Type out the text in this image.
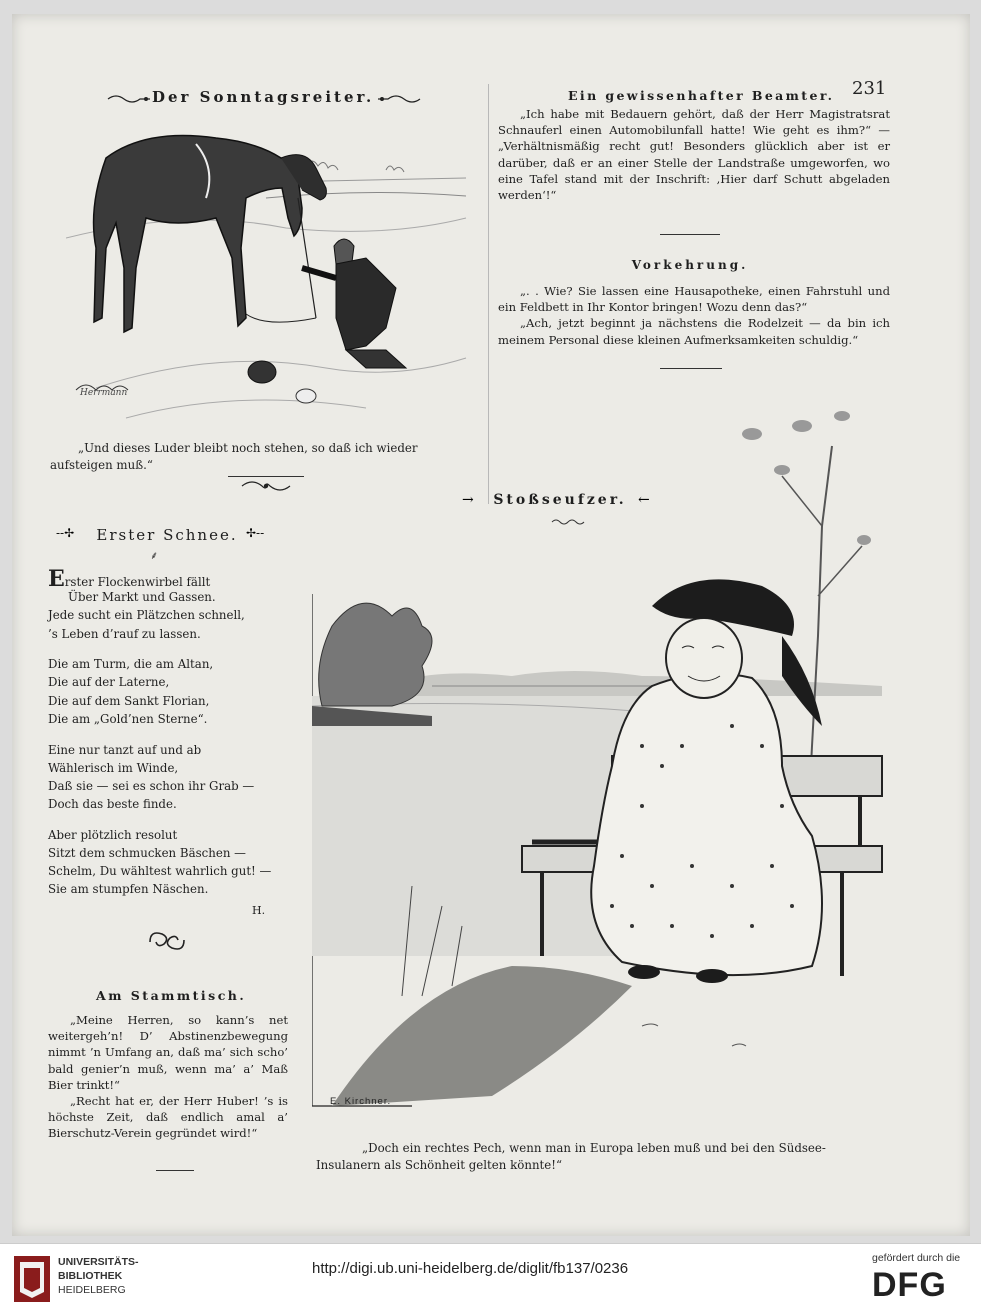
Der Sonntagsreiter.
Herrmann
„Und dieses Luder bleibt noch stehen, so daß ich wieder
aufsteigen muß.“
Ein gewissenhafter Beamter. 231

„Ich habe mit Bedauern gehört, daß der Herr Magistratsrat Schnauferl einen Automobilunfall hatte! Wie geht es ihm?“ — „Verhältnismäßig recht gut! Besonders glücklich aber ist er darüber, daß er an einer Stelle der Landstraße umgeworfen, wo eine Tafel stand mit der Inschrift: ‚Hier darf Schutt abgeladen werden‘!“

Vorkehrung.

„. . Wie? Sie lassen eine Hausapotheke, einen Fahrstuhl und ein Feldbett in Ihr Kontor bringen! Wozu denn das?“

„Ach, jetzt beginnt ja nächstens die Rodelzeit — da bin ich meinem Personal diese kleinen Aufmerksamkeiten schuldig.“

→ Stoßseufzer. ←
--✢ Erster Schnee. ✢--
⸙
Erster Flockenwirbel fällt
Über Markt und Gassen.
Jede sucht ein Plätzchen schnell,
’s Leben d’rauf zu lassen.
Die am Turm, die am Altan,
Die auf der Laterne,
Die auf dem Sankt Florian,
Die am „Gold’nen Sterne“.
Eine nur tanzt auf und ab
Wählerisch im Winde,
Daß sie — sei es schon ihr Grab —
Doch das beste finde.
Aber plötzlich resolut
Sitzt dem schmucken Bäschen —
Schelm, Du wähltest wahrlich gut! —
Sie am stumpfen Näschen.
H.
Am Stammtisch.

„Meine Herren, so kann’s net weitergeh’n! D’ Abstinenzbewegung nimmt ’n Umfang an, daß ma’ sich scho’ bald genier’n muß, wenn ma’ a’ Maß Bier trinkt!“

„Recht hat er, der Herr Huber! ’s is höchste Zeit, daß endlich amal a’ Bierschutz-Verein gegründet wird!“

E. Kirchner.
„Doch ein rechtes Pech, wenn man in Europa leben muß und bei den Südsee-
Insulanern als Schönheit gelten könnte!“
UNIVERSITÄTS-
BIBLIOTHEK
HEIDELBERG
http://digi.ub.uni-heidelberg.de/diglit/fb137/0236
gefördert durch die
DFG
